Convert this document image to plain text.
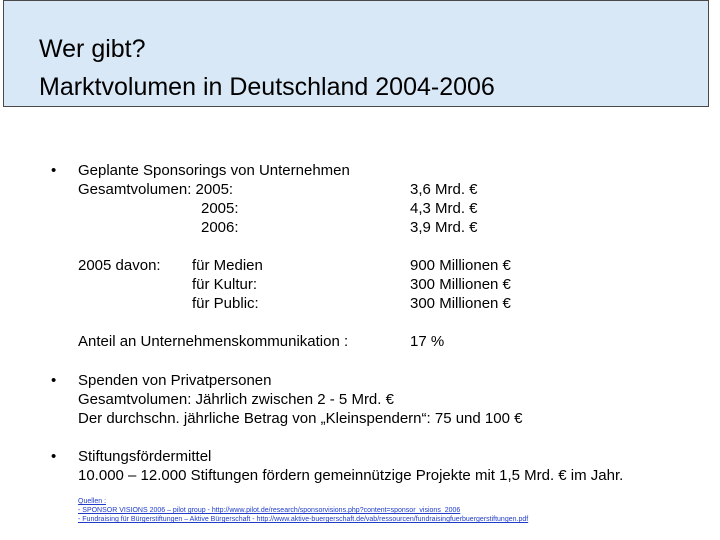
Wer gibt?
Marktvolumen in Deutschland 2004-2006
• Geplante Sponsorings von Unternehmen
Gesamtvolumen: 2005:
2005:
2006:
3,6 Mrd. €
4,3 Mrd. €
3,9 Mrd. €
2005 davon: für Medien
für Kultur:
für Public:
900 Millionen €
300 Millionen €
300 Millionen €
Anteil an Unternehmenskommunikation :	17 %
• Spenden von Privatpersonen
Gesamtvolumen: Jährlich zwischen 2 - 5 Mrd. €
Der durchschn. jährliche Betrag von „Kleinspendern“: 75 und 100 €
• Stiftungsfördermittel
10.000 – 12.000 Stiftungen fördern gemeinnützige Projekte mit 1,5 Mrd. € im Jahr.
Quellen :
- SPONSOR VISIONS 2006 – pilot group - http://www.pilot.de/research/sponsorvisions.php?content=sponsor_visions_2006
- Fundraising für Bürgerstiftungen – Aktive Bürgerschaft - http://www.aktive-buergerschaft.de/vab/ressourcen/fundraisingfuerbuergerstiftungen.pdf
